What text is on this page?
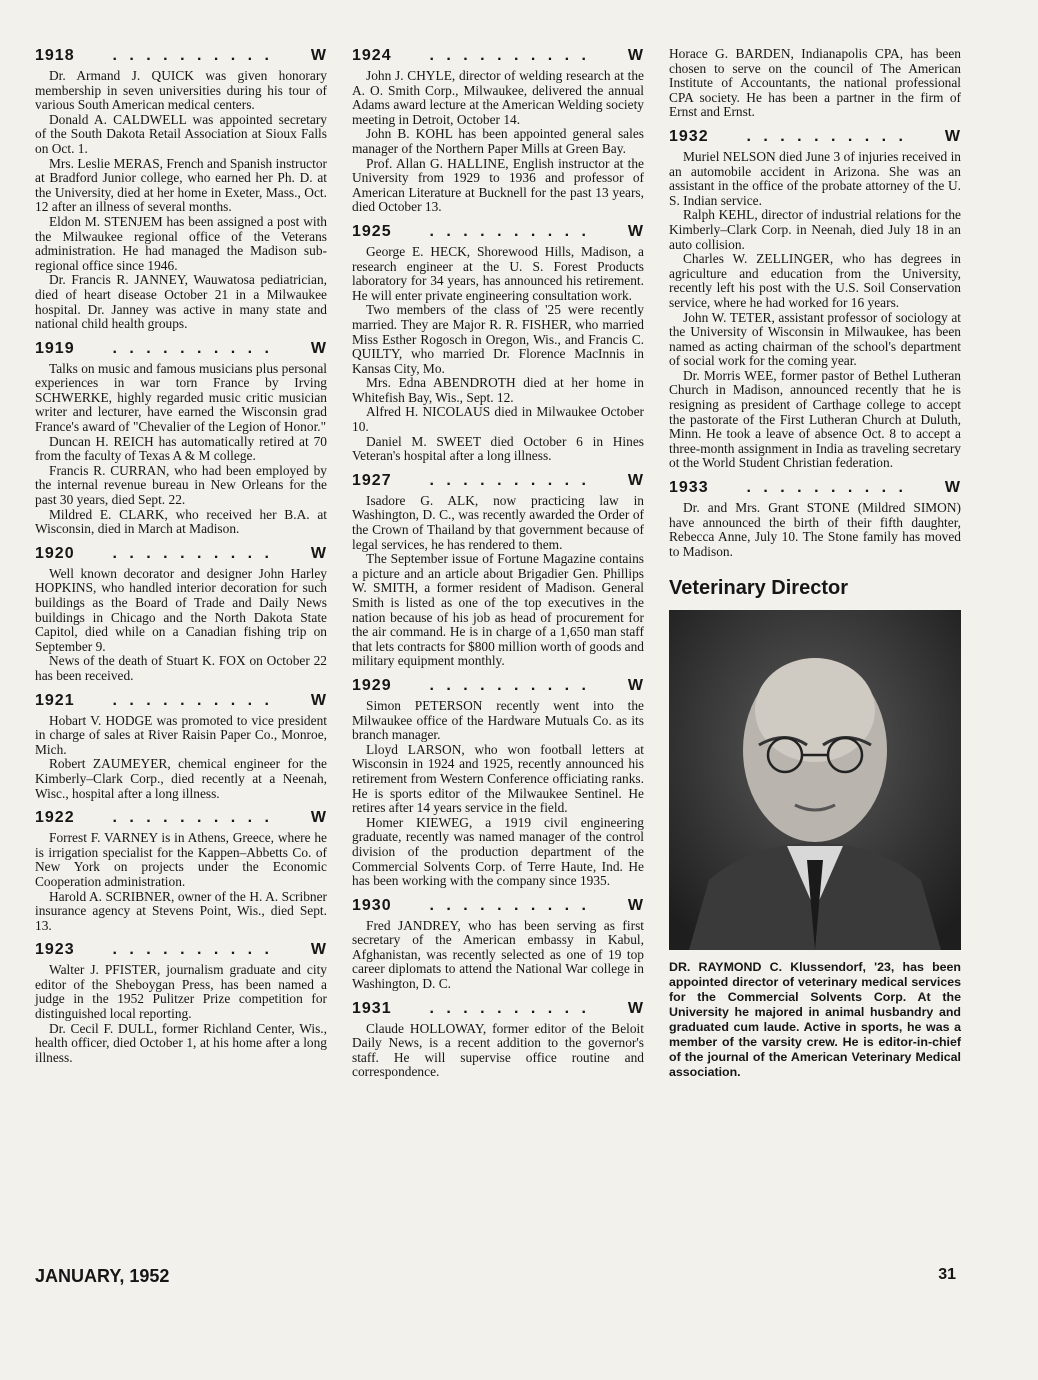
1918	. . . . . . . . . .	W

Dr. Armand J. QUICK was given honorary membership in seven universities during his tour of various South American medical centers.

Donald A. CALDWELL was appointed secretary of the South Dakota Retail Association at Sioux Falls on Oct. 1.

Mrs. Leslie MERAS, French and Spanish instructor at Bradford Junior college, who earned her Ph. D. at the University, died at her home in Exeter, Mass., Oct. 12 after an illness of several months.

Eldon M. STENJEM has been assigned a post with the Milwaukee regional office of the Veterans administration. He had managed the Madison sub-regional office since 1946.

Dr. Francis R. JANNEY, Wauwatosa pediatrician, died of heart disease October 21 in a Milwaukee hospital. Dr. Janney was active in many state and national child health groups.

1919	. . . . . . . . . .	W

Talks on music and famous musicians plus personal experiences in war torn France by Irving SCHWERKE, highly regarded music critic musician writer and lecturer, have earned the Wisconsin grad France's award of "Chevalier of the Legion of Honor."

Duncan H. REICH has automatically retired at 70 from the faculty of Texas A & M college.

Francis R. CURRAN, who had been employed by the internal revenue bureau in New Orleans for the past 30 years, died Sept. 22.

Mildred E. CLARK, who received her B.A. at Wisconsin, died in March at Madison.

1920	. . . . . . . . . .	W

Well known decorator and designer John Harley HOPKINS, who handled interior decoration for such buildings as the Board of Trade and Daily News buildings in Chicago and the North Dakota State Capitol, died while on a Canadian fishing trip on September 9.

News of the death of Stuart K. FOX on October 22 has been received.

1921	. . . . . . . . . .	W

Hobart V. HODGE was promoted to vice president in charge of sales at River Raisin Paper Co., Monroe, Mich.

Robert ZAUMEYER, chemical engineer for the Kimberly–Clark Corp., died recently at a Neenah, Wisc., hospital after a long illness.

1922	. . . . . . . . . .	W

Forrest F. VARNEY is in Athens, Greece, where he is irrigation specialist for the Kappen–Abbetts Co. of New York on projects under the Economic Cooperation administration.

Harold A. SCRIBNER, owner of the H. A. Scribner insurance agency at Stevens Point, Wis., died Sept. 13.

1923	. . . . . . . . . .	W

Walter J. PFISTER, journalism graduate and city editor of the Sheboygan Press, has been named a judge in the 1952 Pulitzer Prize competition for distinguished local reporting.

Dr. Cecil F. DULL, former Richland Center, Wis., health officer, died October 1, at his home after a long illness.

1924	. . . . . . . . . .	W

John J. CHYLE, director of welding research at the A. O. Smith Corp., Milwaukee, delivered the annual Adams award lecture at the American Welding society meeting in Detroit, October 14.

John B. KOHL has been appointed general sales manager of the Northern Paper Mills at Green Bay.

Prof. Allan G. HALLINE, English instructor at the University from 1929 to 1936 and professor of American Literature at Bucknell for the past 13 years, died October 13.

1925	. . . . . . . . . .	W

George E. HECK, Shorewood Hills, Madison, a research engineer at the U. S. Forest Products laboratory for 34 years, has announced his retirement. He will enter private engineering consultation work.

Two members of the class of '25 were recently married. They are Major R. R. FISHER, who married Miss Esther Rogosch in Oregon, Wis., and Francis C. QUILTY, who married Dr. Florence MacInnis in Kansas City, Mo.

Mrs. Edna ABENDROTH died at her home in Whitefish Bay, Wis., Sept. 12.

Alfred H. NICOLAUS died in Milwaukee October 10.

Daniel M. SWEET died October 6 in Hines Veteran's hospital after a long illness.

1927	. . . . . . . . . .	W

Isadore G. ALK, now practicing law in Washington, D. C., was recently awarded the Order of the Crown of Thailand by that government because of legal services, he has rendered to them.

The September issue of Fortune Magazine contains a picture and an article about Brigadier Gen. Phillips W. SMITH, a former resident of Madison. General Smith is listed as one of the top executives in the nation because of his job as head of procurement for the air command. He is in charge of a 1,650 man staff that lets contracts for $800 million worth of goods and military equipment monthly.

1929	. . . . . . . . . .	W

Simon PETERSON recently went into the Milwaukee office of the Hardware Mutuals Co. as its branch manager.

Lloyd LARSON, who won football letters at Wisconsin in 1924 and 1925, recently announced his retirement from Western Conference officiating ranks. He is sports editor of the Milwaukee Sentinel. He retires after 14 years service in the field.

Homer KIEWEG, a 1919 civil engineering graduate, recently was named manager of the control division of the production department of the Commercial Solvents Corp. of Terre Haute, Ind. He has been working with the company since 1935.

1930	. . . . . . . . . .	W

Fred JANDREY, who has been serving as first secretary of the American embassy in Kabul, Afghanistan, was recently selected as one of 19 top career diplomats to attend the National War college in Washington, D. C.

1931	. . . . . . . . . .	W

Claude HOLLOWAY, former editor of the Beloit Daily News, is a recent addition to the governor's staff. He will supervise office routine and correspondence.

Horace G. BARDEN, Indianapolis CPA, has been chosen to serve on the council of The American Institute of Accountants, the national professional CPA society. He has been a partner in the firm of Ernst and Ernst.

1932	. . . . . . . . . .	W

Muriel NELSON died June 3 of injuries received in an automobile accident in Arizona. She was an assistant in the office of the probate attorney of the U. S. Indian service.

Ralph KEHL, director of industrial relations for the Kimberly–Clark Corp. in Neenah, died July 18 in an auto collision.

Charles W. ZELLINGER, who has degrees in agriculture and education from the University, recently left his post with the U.S. Soil Conservation service, where he had worked for 16 years.

John W. TETER, assistant professor of sociology at the University of Wisconsin in Milwaukee, has been named as acting chairman of the school's department of social work for the coming year.

Dr. Morris WEE, former pastor of Bethel Lutheran Church in Madison, announced recently that he is resigning as president of Carthage college to accept the pastorate of the First Lutheran Church at Duluth, Minn. He took a leave of absence Oct. 8 to accept a three-month assignment in India as traveling secretary ot the World Student Christian federation.

1933	. . . . . . . . . .	W

Dr. and Mrs. Grant STONE (Mildred SIMON) have announced the birth of their fifth daughter, Rebecca Anne, July 10. The Stone family has moved to Madison.

Veterinary Director
DR. RAYMOND C. Klussendorf, '23, has been appointed director of veterinary medical services for the Commercial Solvents Corp. At the University he majored in animal husbandry and graduated cum laude. Active in sports, he was a member of the varsity crew. He is editor-in-chief of the journal of the American Veterinary Medical association.
JANUARY, 1952	31
